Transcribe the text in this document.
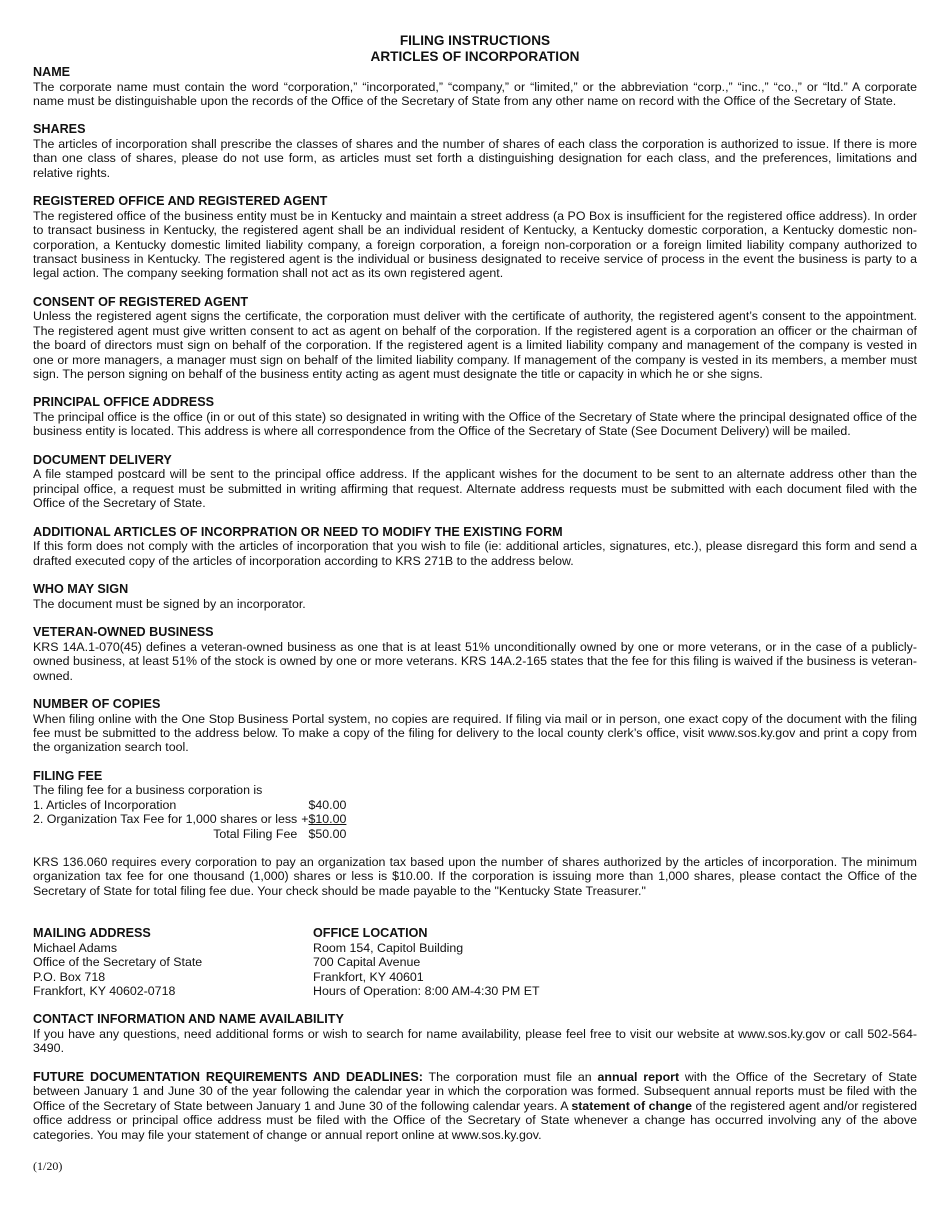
FILING INSTRUCTIONS
ARTICLES OF INCORPORATION
NAME
The corporate name must contain the word “corporation,” “incorporated,” “company,” or “limited,” or the abbreviation “corp.,” “inc.,” “co.,” or “ltd.” A corporate name must be distinguishable upon the records of the Office of the Secretary of State from any other name on record with the Office of the Secretary of State.
SHARES
The articles of incorporation shall prescribe the classes of shares and the number of shares of each class the corporation is authorized to issue. If there is more than one class of shares, please do not use form, as articles must set forth a distinguishing designation for each class, and the preferences, limitations and relative rights.
REGISTERED OFFICE AND REGISTERED AGENT
The registered office of the business entity must be in Kentucky and maintain a street address (a PO Box is insufficient for the registered office address). In order to transact business in Kentucky, the registered agent shall be an individual resident of Kentucky, a Kentucky domestic corporation, a Kentucky domestic non-corporation, a Kentucky domestic limited liability company, a foreign corporation, a foreign non-corporation or a foreign limited liability company authorized to transact business in Kentucky. The registered agent is the individual or business designated to receive service of process in the event the business is party to a legal action. The company seeking formation shall not act as its own registered agent.
CONSENT OF REGISTERED AGENT
Unless the registered agent signs the certificate, the corporation must deliver with the certificate of authority, the registered agent’s consent to the appointment. The registered agent must give written consent to act as agent on behalf of the corporation. If the registered agent is a corporation an officer or the chairman of the board of directors must sign on behalf of the corporation. If the registered agent is a limited liability company and management of the company is vested in one or more managers, a manager must sign on behalf of the limited liability company. If management of the company is vested in its members, a member must sign. The person signing on behalf of the business entity acting as agent must designate the title or capacity in which he or she signs.
PRINCIPAL OFFICE ADDRESS
The principal office is the office (in or out of this state) so designated in writing with the Office of the Secretary of State where the principal designated office of the business entity is located. This address is where all correspondence from the Office of the Secretary of State (See Document Delivery) will be mailed.
DOCUMENT DELIVERY
A file stamped postcard will be sent to the principal office address. If the applicant wishes for the document to be sent to an alternate address other than the principal office, a request must be submitted in writing affirming that request. Alternate address requests must be submitted with each document filed with the Office of the Secretary of State.
ADDITIONAL ARTICLES OF INCORPRATION OR NEED TO MODIFY THE EXISTING FORM
If this form does not comply with the articles of incorporation that you wish to file (ie: additional articles, signatures, etc.), please disregard this form and send a drafted executed copy of the articles of incorporation according to KRS 271B to the address below.
WHO MAY SIGN
The document must be signed by an incorporator.
VETERAN-OWNED BUSINESS
KRS 14A.1-070(45) defines a veteran-owned business as one that is at least 51% unconditionally owned by one or more veterans, or in the case of a publicly-owned business, at least 51% of the stock is owned by one or more veterans. KRS 14A.2-165 states that the fee for this filing is waived if the business is veteran-owned.
NUMBER OF COPIES
When filing online with the One Stop Business Portal system, no copies are required. If filing via mail or in person, one exact copy of the document with the filing fee must be submitted to the address below. To make a copy of the filing for delivery to the local county clerk’s office, visit www.sos.ky.gov and print a copy from the organization search tool.
FILING FEE
The filing fee for a business corporation is
1. Articles of Incorporation	$40.00
2. Organization Tax Fee for 1,000 shares or less	+$10.00
Total Filing Fee	$50.00
KRS 136.060 requires every corporation to pay an organization tax based upon the number of shares authorized by the articles of incorporation. The minimum organization tax fee for one thousand (1,000) shares or less is $10.00. If the corporation is issuing more than 1,000 shares, please contact the Office of the Secretary of State for total filing fee due. Your check should be made payable to the "Kentucky State Treasurer."
MAILING ADDRESS
Michael Adams
Office of the Secretary of State
P.O. Box 718
Frankfort, KY 40602-0718
OFFICE LOCATION
Room 154, Capitol Building
700 Capital Avenue
Frankfort, KY 40601
Hours of Operation: 8:00 AM-4:30 PM ET
CONTACT INFORMATION AND NAME AVAILABILITY
If you have any questions, need additional forms or wish to search for name availability, please feel free to visit our website at www.sos.ky.gov or call 502-564-3490.
FUTURE DOCUMENTATION REQUIREMENTS AND DEADLINES: The corporation must file an annual report with the Office of the Secretary of State between January 1 and June 30 of the year following the calendar year in which the corporation was formed. Subsequent annual reports must be filed with the Office of the Secretary of State between January 1 and June 30 of the following calendar years. A statement of change of the registered agent and/or registered office address or principal office address must be filed with the Office of the Secretary of State whenever a change has occurred involving any of the above categories. You may file your statement of change or annual report online at www.sos.ky.gov.
(1/20)
